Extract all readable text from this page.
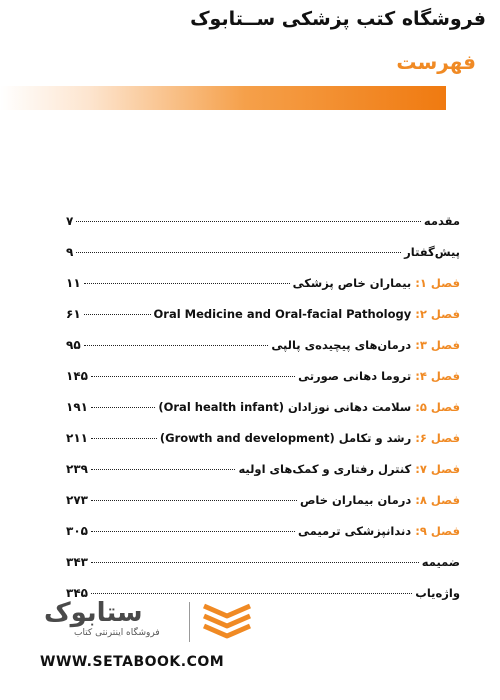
فروشگاه کتب پزشکی ســتابوک
فهرست
مقدمه
۷
پیش‌گفتار
۹
فصل ۱:
بیماران خاص پزشکی
۱۱
فصل ۲:
Oral Medicine and Oral-facial Pathology
۶۱
فصل ۳:
درمان‌های پیچیده‌ی پالپی
۹۵
فصل ۴:
تروما دهانی صورتی
۱۴۵
فصل ۵:
سلامت دهانی نوزادان (Oral health infant)
۱۹۱
فصل ۶:
رشد و تکامل (Growth and development)
۲۱۱
فصل ۷:
کنترل رفتاری و کمک‌های اولیه
۲۳۹
فصل ۸:
درمان بیماران خاص
۲۷۳
فصل ۹:
دندانپزشکی ترمیمی
۳۰۵
ضمیمه
۳۴۳
واژه‌یاب
۳۴۵
ستابوک
فروشگاه اینترنتی کتاب
WWW.SETABOOK.COM
